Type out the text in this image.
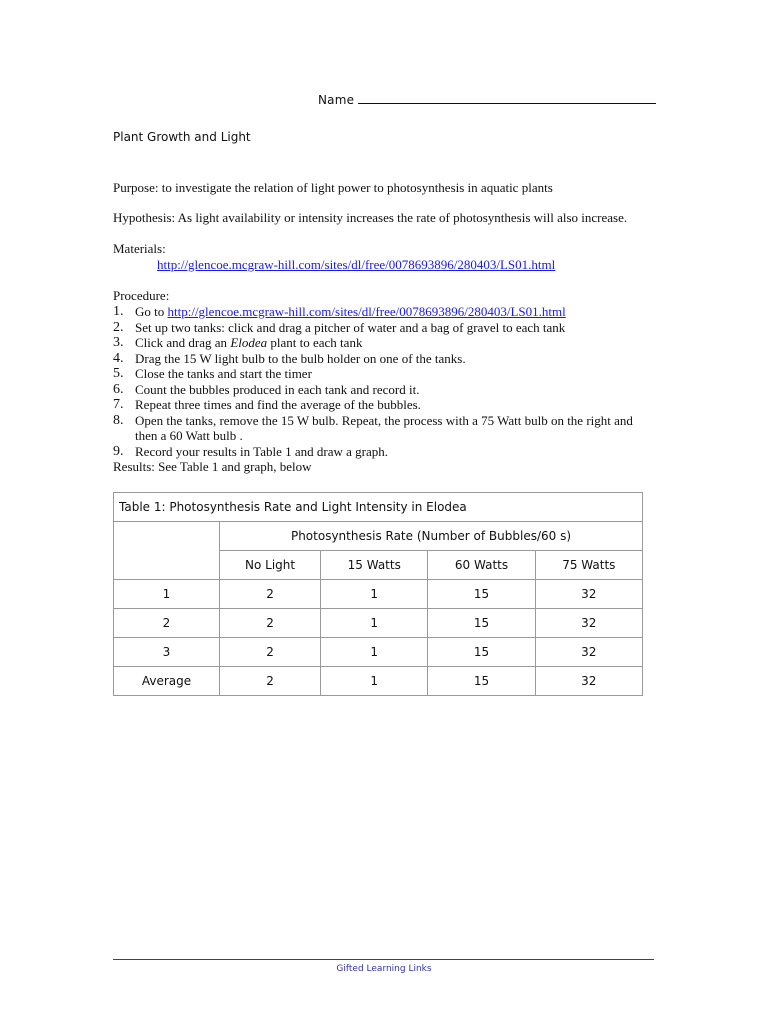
Name
Plant Growth and Light
Purpose: to investigate the relation of light power to photosynthesis in aquatic plants
Hypothesis: As light availability or intensity increases the rate of photosynthesis will also increase.
Materials:
http://glencoe.mcgraw-hill.com/sites/dl/free/0078693896/280403/LS01.html
Procedure:
1. Go to http://glencoe.mcgraw-hill.com/sites/dl/free/0078693896/280403/LS01.html
2. Set up two tanks: click and drag a pitcher of water and a bag of gravel to each tank
3. Click and drag an Elodea plant to each tank
4. Drag the 15 W light bulb to the bulb holder on one of the tanks.
5. Close the tanks and start the timer
6. Count the bubbles produced in each tank and record it.
7. Repeat three times and find the average of the bubbles.
8. Open the tanks, remove the 15 W bulb. Repeat, the process with a 75 Watt bulb on the right and then a 60 Watt bulb .
9. Record your results in Table 1 and draw a graph.
Results: See Table 1 and graph, below
Table 1: Photosynthesis Rate and Light Intensity in Elodea				
	Photosynthesis Rate (Number of Bubbles/60 s)			
	No Light	15 Watts	60 Watts	75 Watts
1	2	1	15	32
2	2	1	15	32
3	2	1	15	32
Average	2	1	15	32
Gifted Learning Links
